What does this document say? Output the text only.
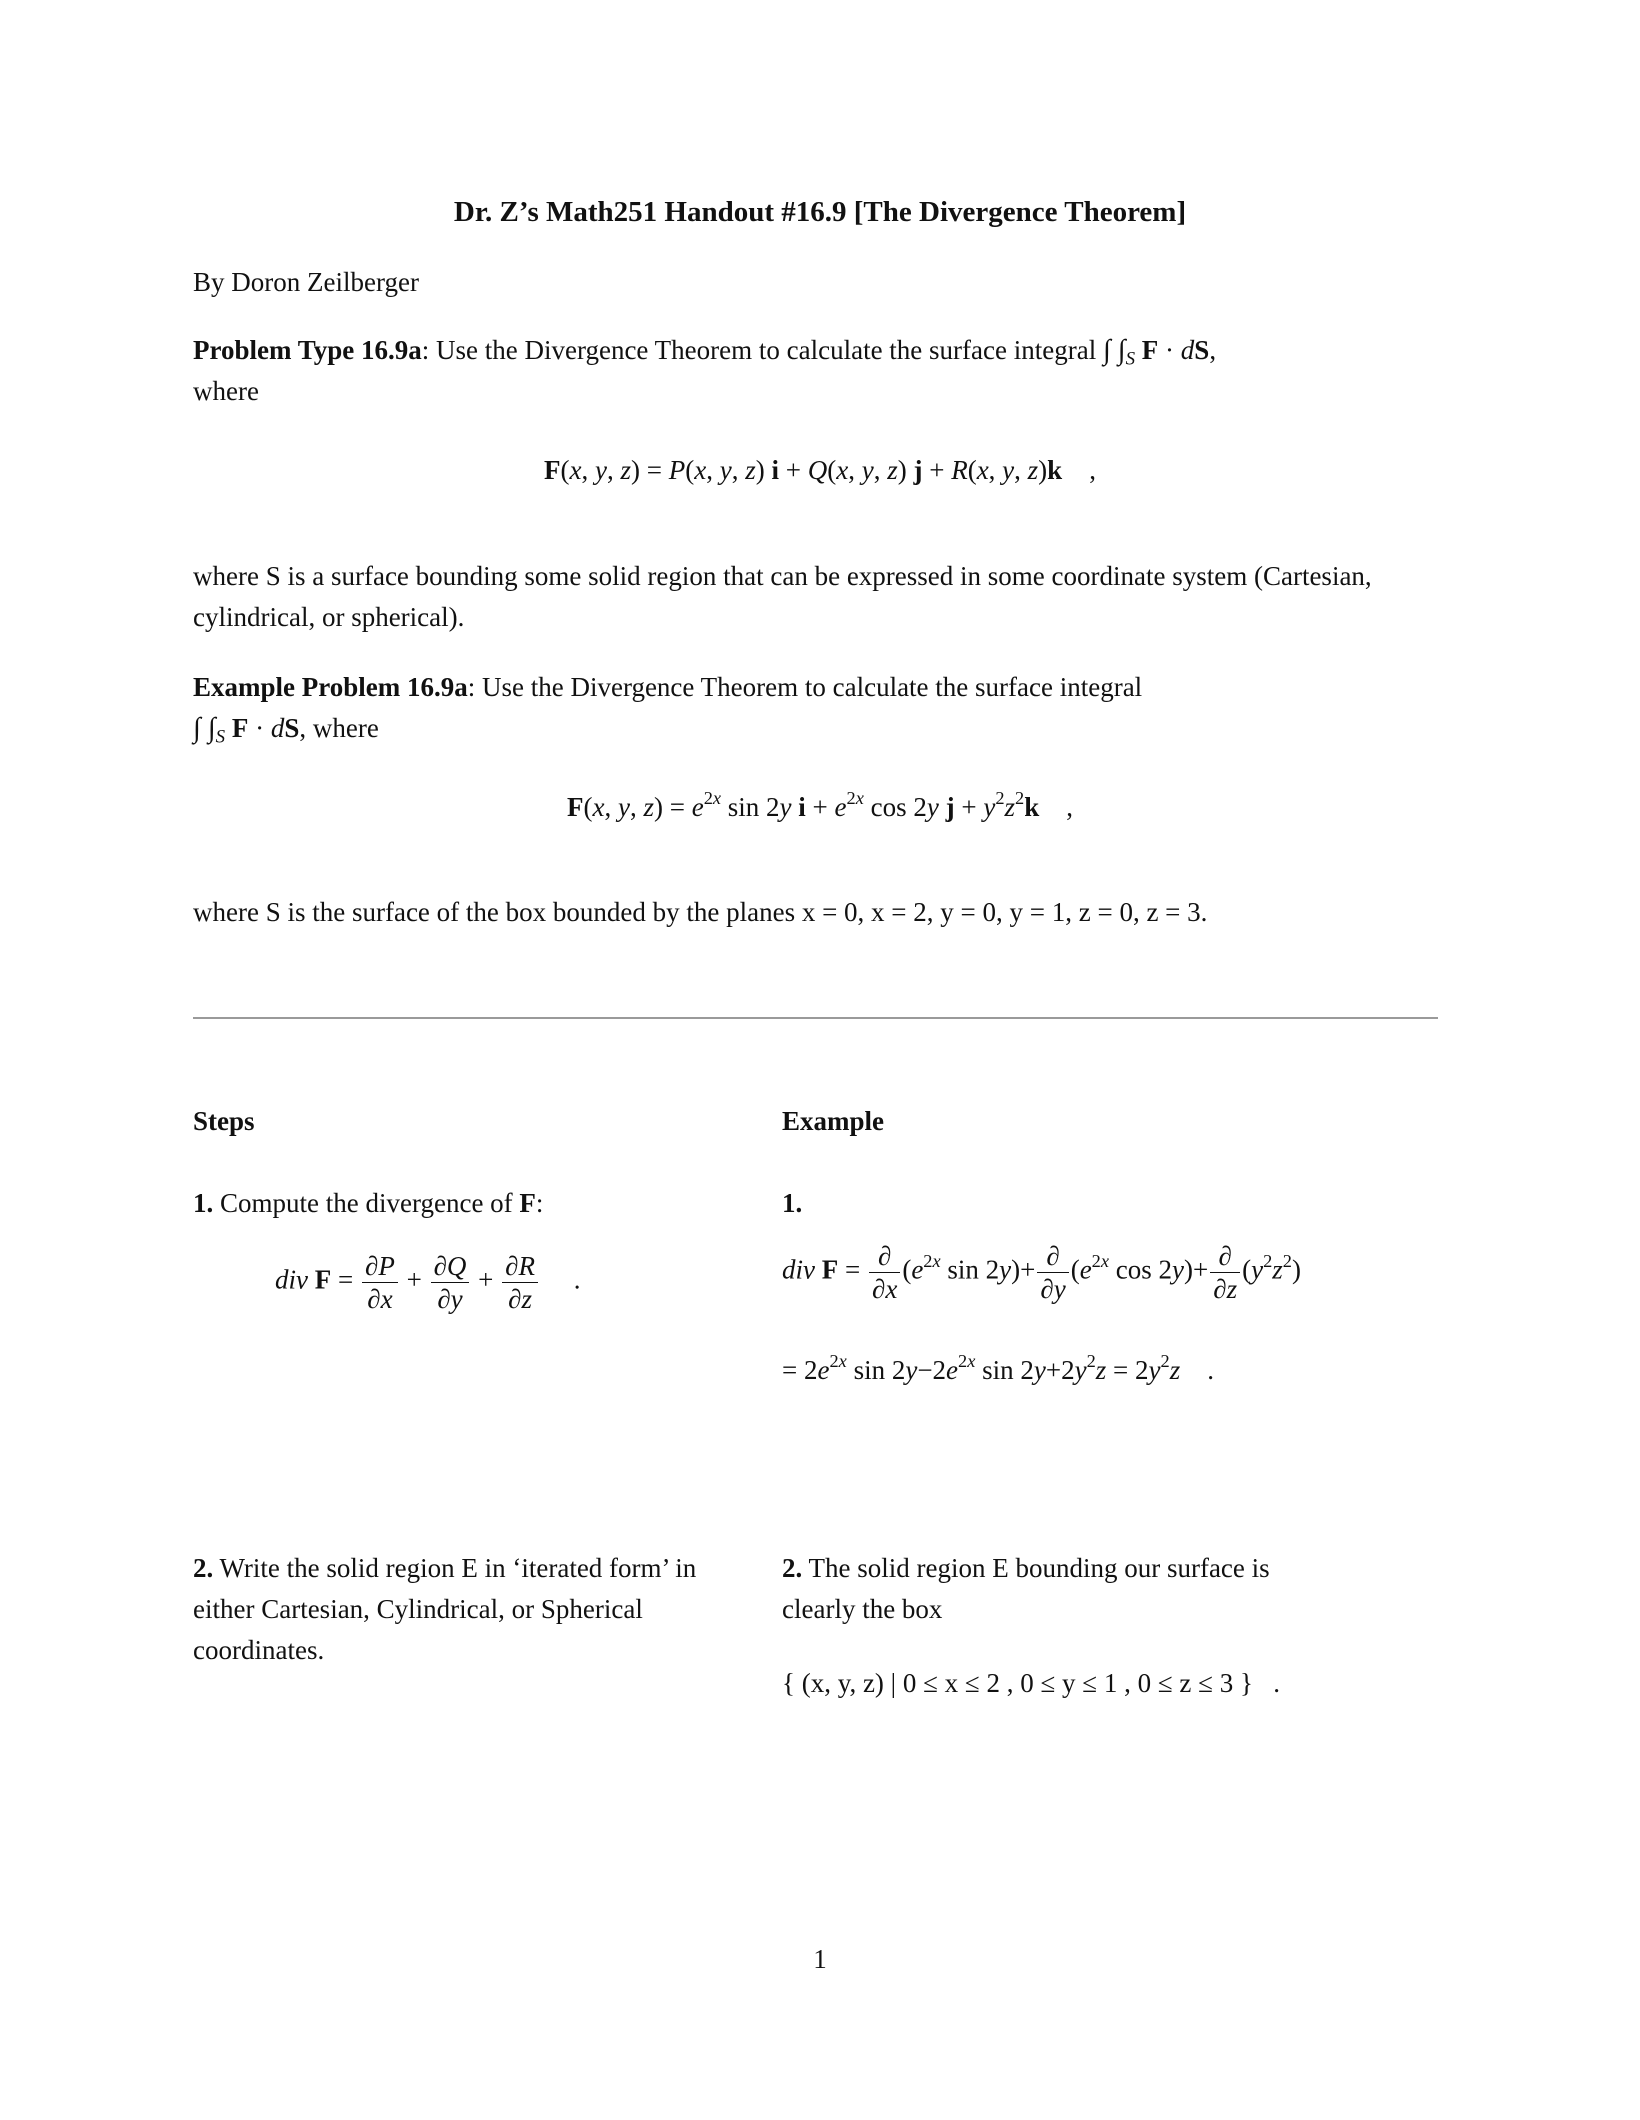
Dr. Z’s Math251 Handout #16.9 [The Divergence Theorem]
By Doron Zeilberger
Problem Type 16.9a: Use the Divergence Theorem to calculate the surface integral ∫ $\int_S$ F · dS,
where
F(x, y, z) = P(x, y, z) i + Q(x, y, z) j + R(x, y, z)k    ,
where S is a surface bounding some solid region that can be expressed in some coordinate system (Cartesian, cylindrical, or spherical).
Example Problem 16.9a: Use the Divergence Theorem to calculate the surface integral
∫ $\int_S$ F · dS, where
F(x, y, $z) = e^{2x}$ sin 2y $i + e^{2x}$ cos 2y $j + y^2z^2k$    ,
where S is the surface of the box bounded by the planes x = 0, x = 2, y = 0, y = 1, z = 0, z = 3.
Steps	Example
1. Compute the divergence of F:
div $F = \frac{\partial P}{\partial x} + \frac{\partial Q}{\partial y} + \frac{\partial R}{\partial z}$ .
1.
div $F = \frac{\partial}{\partial x} (e^{2x}$ $\sin 2y)+ \frac{\partial}{\partial y} (e^{2x}$ $\cos 2y)+ \frac{\partial}{\partial z} (y^2z^2)$
= $2e^{2x}$ $\sin 2y-2e^{2x}$ $\sin 2y+2y^2z = 2y^2z$    .
2. Write the solid region E in ‘iterated form’ in either Cartesian, Cylindrical, or Spherical coordinates.
2. The solid region E bounding our surface is clearly the box
{ (x, y, z) | 0 ≤ x ≤ 2 , 0 ≤ y ≤ 1 , 0 ≤ z ≤ 3 }   .
1
